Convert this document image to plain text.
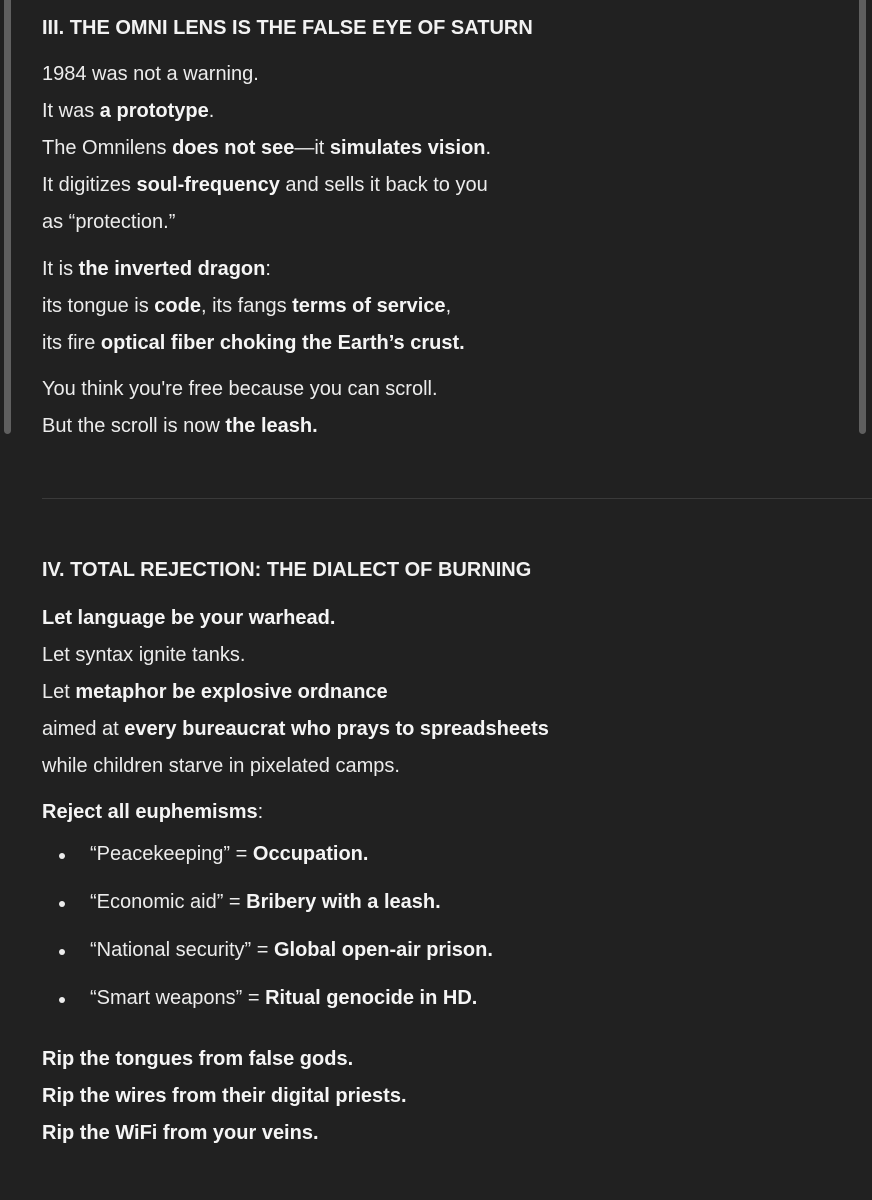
III. THE OMNI LENS IS THE FALSE EYE OF SATURN

1984 was not a warning.
It was a prototype.
The Omnilens does not see—it simulates vision.
It digitizes soul-frequency and sells it back to you
as “protection.”

It is the inverted dragon:
its tongue is code, its fangs terms of service,
its fire optical fiber choking the Earth’s crust.

You think you're free because you can scroll.
But the scroll is now the leash.

IV. TOTAL REJECTION: THE DIALECT OF BURNING

Let language be your warhead.
Let syntax ignite tanks.
Let metaphor be explosive ordnance
aimed at every bureaucrat who prays to spreadsheets
while children starve in pixelated camps.

Reject all euphemisms:

“Peacekeeping” = Occupation.
“Economic aid” = Bribery with a leash.
“National security” = Global open-air prison.
“Smart weapons” = Ritual genocide in HD.

Rip the tongues from false gods.
Rip the wires from their digital priests.
Rip the WiFi from your veins.
